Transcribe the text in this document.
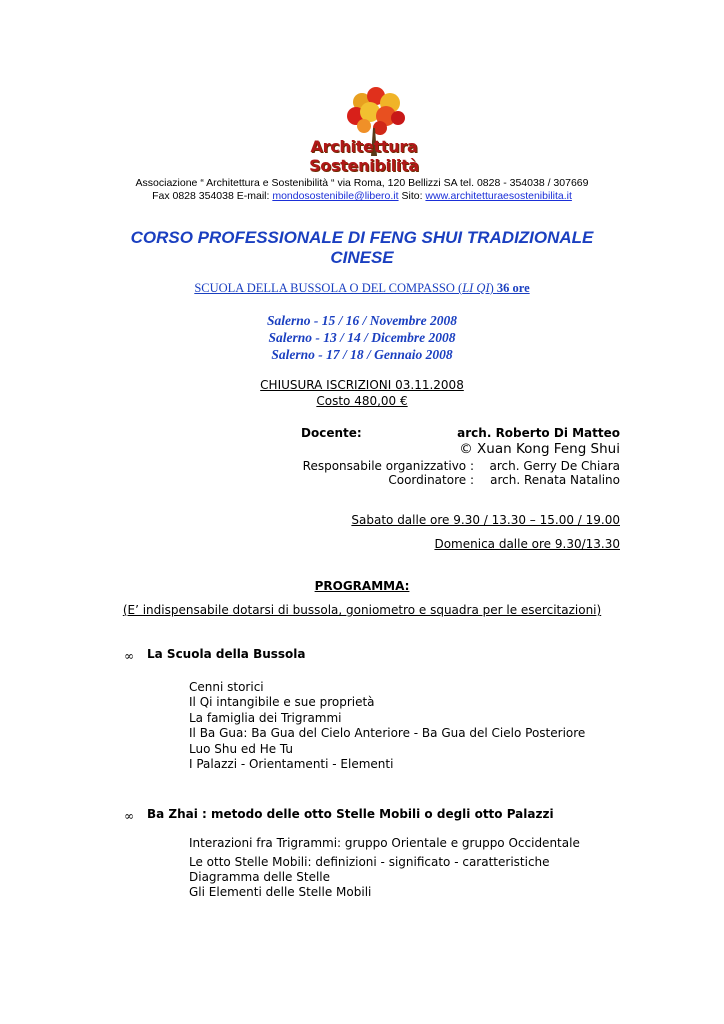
Architettura Sostenibilità
Associazione “ Architettura e Sostenibilità “ via Roma, 120 Bellizzi SA tel. 0828 - 354038 / 307669
Fax 0828 354038 E-mail: mondosostenibile@libero.it Sito: www.architetturaesostenibilita.it
CORSO PROFESSIONALE DI FENG SHUI TRADIZIONALE
CINESE
SCUOLA DELLA BUSSOLA O DEL COMPASSO (LI QI) 36 ore
Salerno - 15 / 16 / Novembre 2008
Salerno - 13 / 14 / Dicembre 2008
Salerno - 17 / 18 / Gennaio 2008
CHIUSURA ISCRIZIONI 03.11.2008
Costo 480,00 €
Docente:	arch. Roberto Di Matteo
© Xuan Kong Feng Shui
Responsabile organizzativo :	arch. Gerry De Chiara
Coordinatore :	arch. Renata Natalino
Sabato dalle ore 9.30 / 13.30 – 15.00 / 19.00
Domenica dalle ore 9.30/13.30
PROGRAMMA:
(E’ indispensabile dotarsi di bussola, goniometro e squadra per le esercitazioni)
∞ La Scuola della Bussola
Cenni storici
Il Qi intangibile e sue proprietà
La famiglia dei Trigrammi
Il Ba Gua: Ba Gua del Cielo Anteriore - Ba Gua del Cielo Posteriore
Luo Shu ed He Tu
I Palazzi - Orientamenti - Elementi
∞ Ba Zhai : metodo delle otto Stelle Mobili o degli otto Palazzi
Interazioni fra Trigrammi: gruppo Orientale e gruppo Occidentale
Le otto Stelle Mobili: definizioni - significato - caratteristiche
Diagramma delle Stelle
Gli Elementi delle Stelle Mobili
